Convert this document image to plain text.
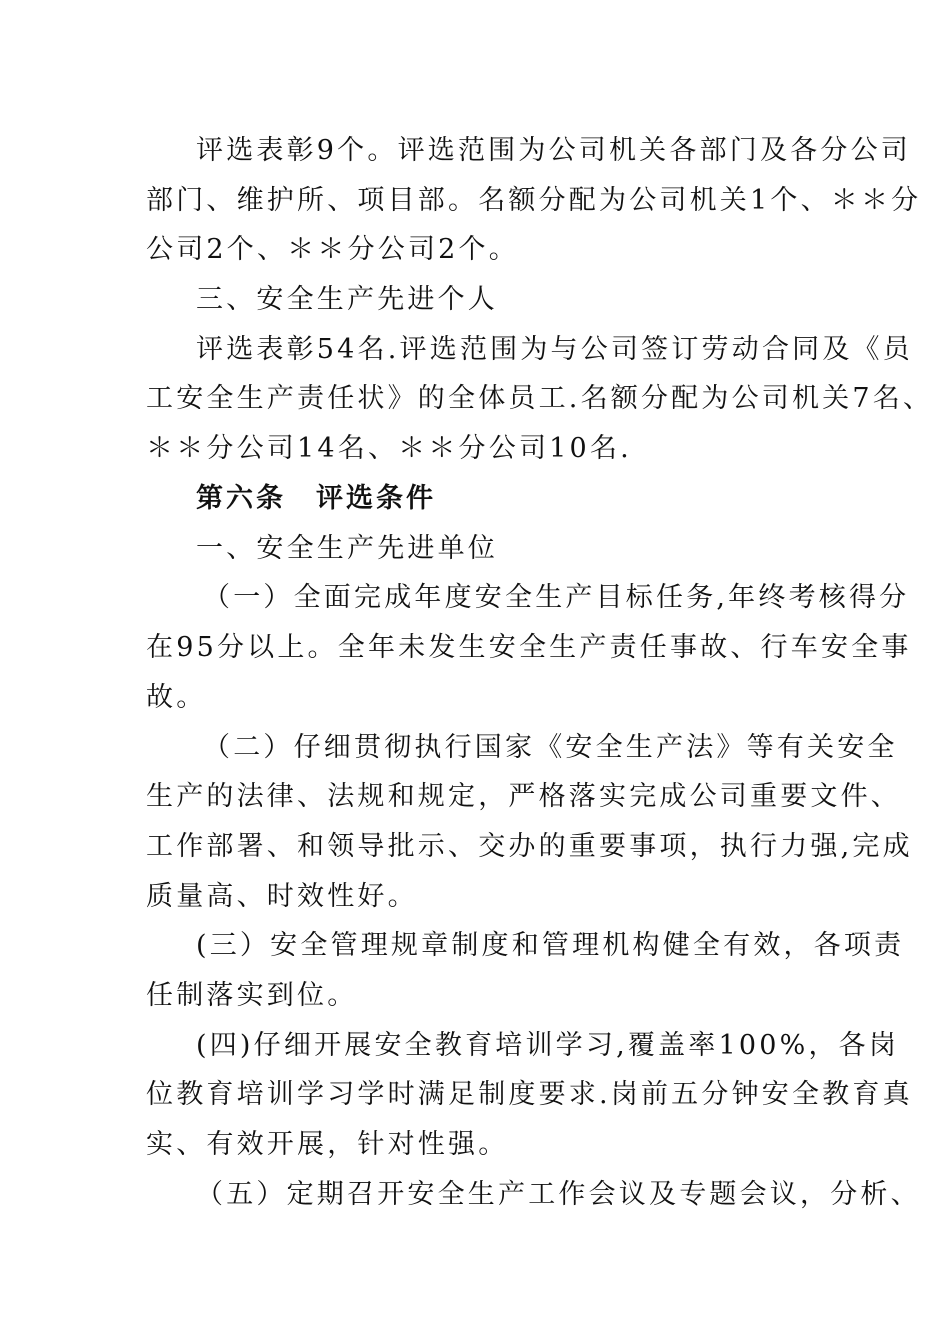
评选表彰9个。评选范围为公司机关各部门及各分公司
部门、维护所、项目部。名额分配为公司机关1个、＊＊分
公司2个、＊＊分公司2个。
三、安全生产先进个人
评选表彰54名.评选范围为与公司签订劳动合同及《员
工安全生产责任状》的全体员工.名额分配为公司机关7名、
＊＊分公司14名、＊＊分公司10名.
第六条　评选条件
一、安全生产先进单位
（一）全面完成年度安全生产目标任务,年终考核得分
在95分以上。全年未发生安全生产责任事故、行车安全事
故。
（二）仔细贯彻执行国家《安全生产法》等有关安全
生产的法律、法规和规定，严格落实完成公司重要文件、
工作部署、和领导批示、交办的重要事项，执行力强,完成
质量高、时效性好。
(三）安全管理规章制度和管理机构健全有效，各项责
任制落实到位。
(四)仔细开展安全教育培训学习,覆盖率100%，各岗
位教育培训学习学时满足制度要求.岗前五分钟安全教育真
实、有效开展，针对性强。
（五）定期召开安全生产工作会议及专题会议，分析、
